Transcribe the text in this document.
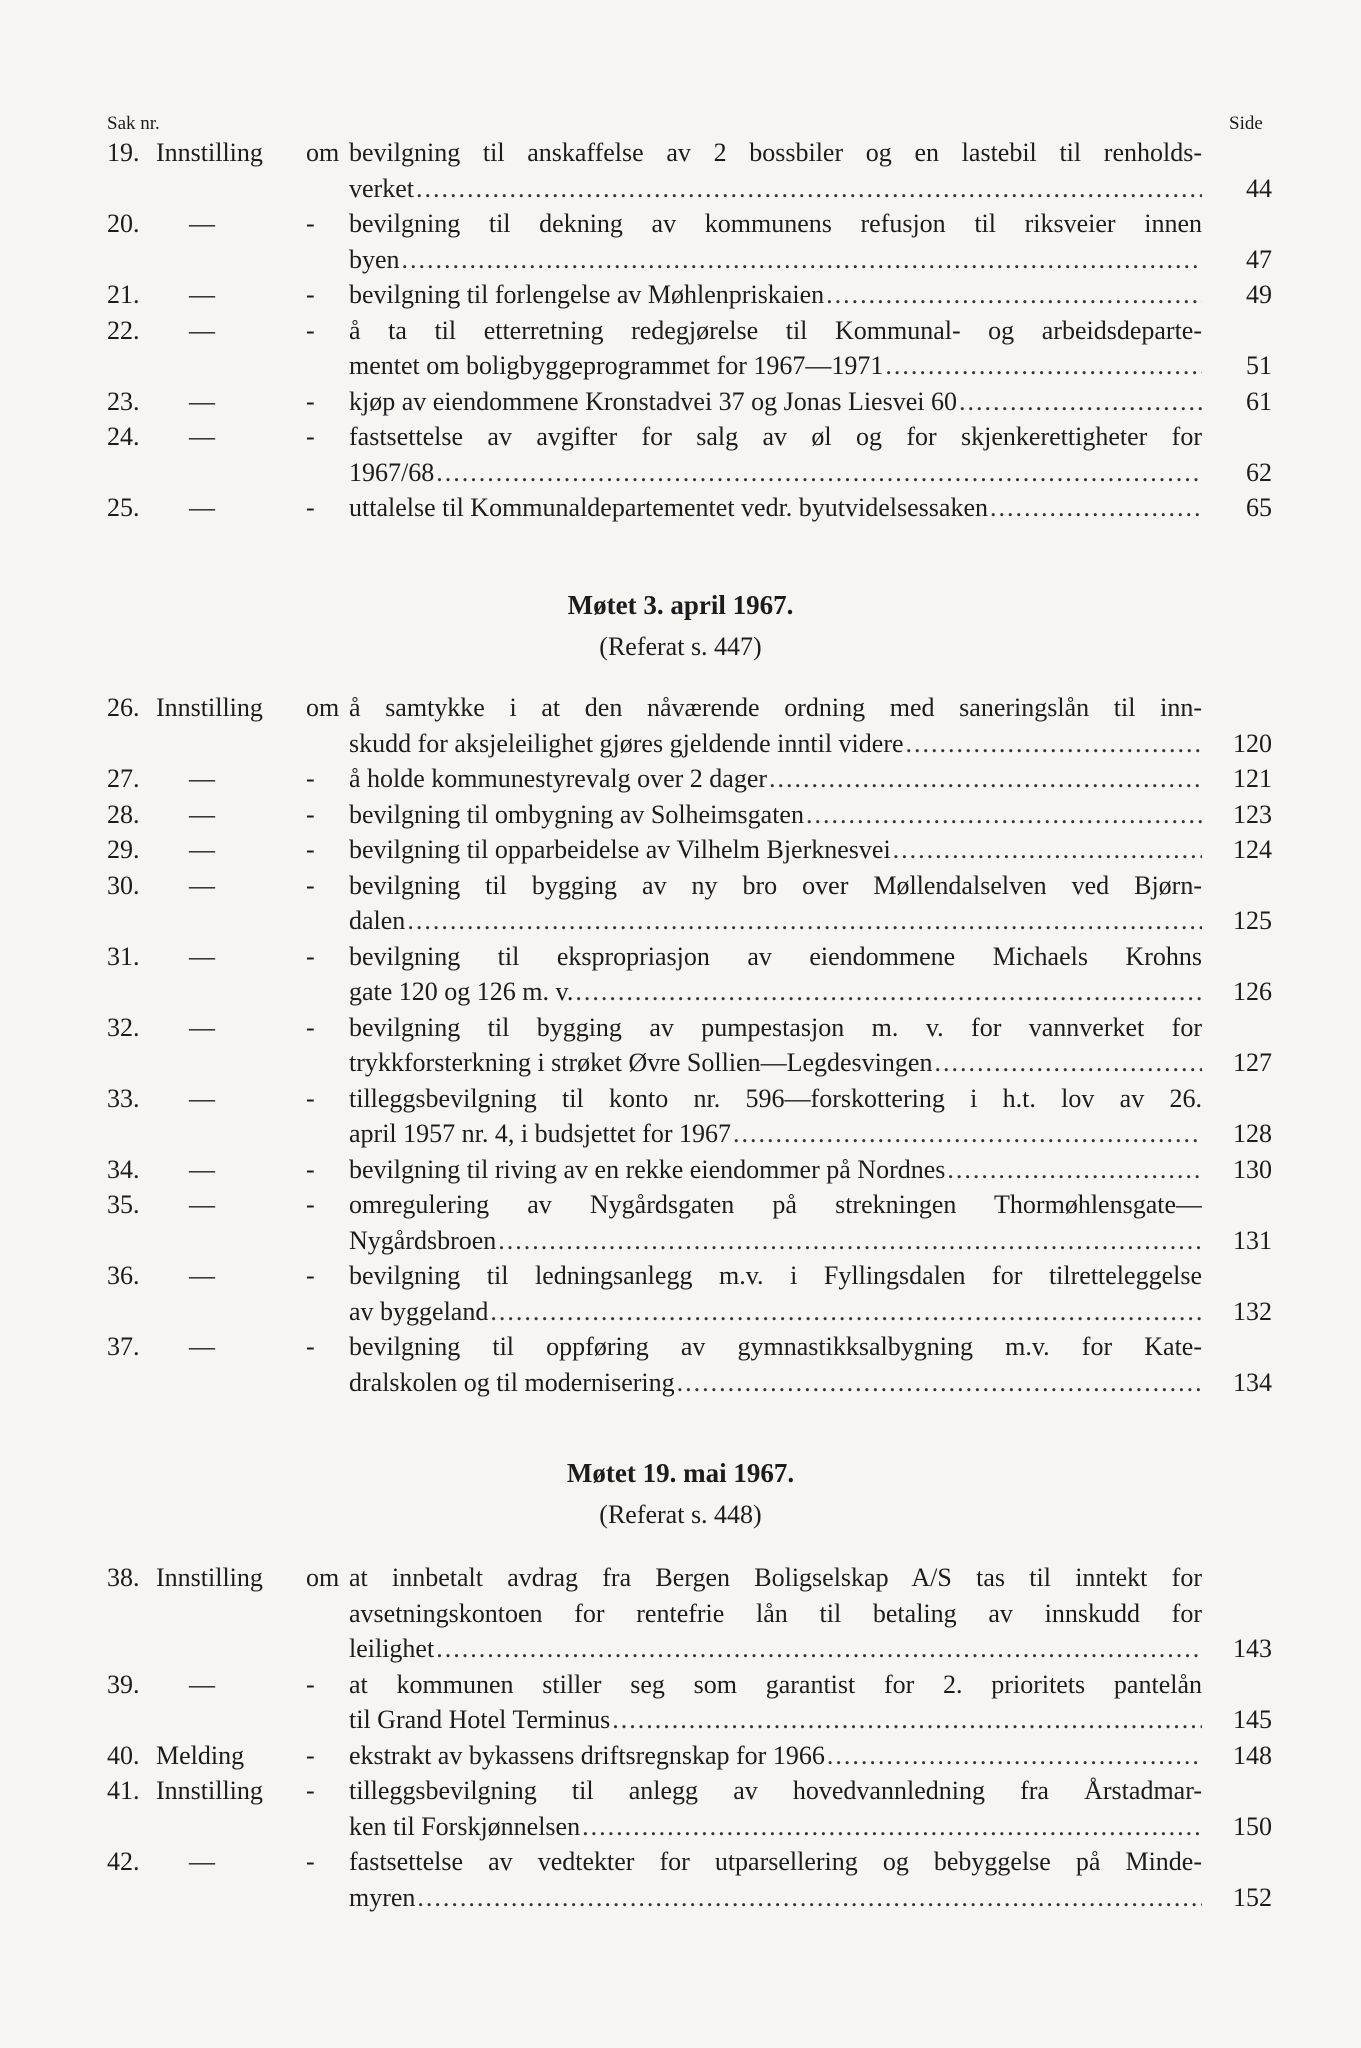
Sak nr.	Side
19. Innstilling	om bevilgning til anskaffelse av 2 bossbiler og en lastebil til renholds-
verket .....	44
20.	—	-	bevilgning til dekning av kommunens refusjon til riksveier innen
byen .....	47
21.	—	-	bevilgning til forlengelse av Møhlenpriskaien .....	49
22.	—	-	å ta til etterretning redegjørelse til Kommunal- og arbeidsdeparte-
mentet om boligbyggeprogrammet for 1967—1971 .....	51
23.	—	-	kjøp av eiendommene Kronstadvei 37 og Jonas Liesvei 60 .....	61
24.	—	-	fastsettelse av avgifter for salg av øl og for skjenkerettigheter for
1967/68 .....	62
25.	—	-	uttalelse til Kommunaldepartementet vedr. byutvidelsessaken .....	65
Møtet 3. april 1967.
(Referat s. 447)
26. Innstilling	om å samtykke i at den nåværende ordning med saneringslån til inn-
skudd for aksjeleilighet gjøres gjeldende inntil videre .....	120
27.	—	-	å holde kommunestyrevalg over 2 dager .....	121
28.	—	-	bevilgning til ombygning av Solheimsgaten .....	123
29.	—	-	bevilgning til opparbeidelse av Vilhelm Bjerknesvei .....	124
30.	—	-	bevilgning til bygging av ny bro over Møllendalselven ved Bjørn-
dalen .....	125
31.	—	-	bevilgning til ekspropriasjon av eiendommene Michaels Krohns
gate 120 og 126 m. v. .....	126
32.	—	-	bevilgning til bygging av pumpestasjon m. v. for vannverket for
trykkforsterkning i strøket Øvre Sollien—Legdesvingen .....	127
33.	—	-	tilleggsbevilgning til konto nr. 596—forskottering i h.t. lov av 26.
april 1957 nr. 4, i budsjettet for 1967 .....	128
34.	—	-	bevilgning til riving av en rekke eiendommer på Nordnes .....	130
35.	—	-	omregulering av Nygårdsgaten på strekningen Thormøhlensgate—
Nygårdsbroen .....	131
36.	—	-	bevilgning til ledningsanlegg m.v. i Fyllingsdalen for tilretteleggelse
av byggeland .....	132
37.	—	-	bevilgning til oppføring av gymnastikksalbygning m.v. for Kate-
dralskolen og til modernisering .....	134
Møtet 19. mai 1967.
(Referat s. 448)
38. Innstilling	om at innbetalt avdrag fra Bergen Boligselskap A/S tas til inntekt for
avsetningskontoen for rentefrie lån til betaling av innskudd for
leilighet .....	143
39.	—	-	at kommunen stiller seg som garantist for 2. prioritets pantelån
til Grand Hotel Terminus .....	145
40. Melding	-	ekstrakt av bykassens driftsregnskap for 1966 .....	148
41. Innstilling	-	tilleggsbevilgning til anlegg av hovedvannledning fra Årstadmar-
ken til Forskjønnelsen .....	150
42.	—	-	fastsettelse av vedtekter for utparsellering og bebyggelse på Minde-
myren .....	152
